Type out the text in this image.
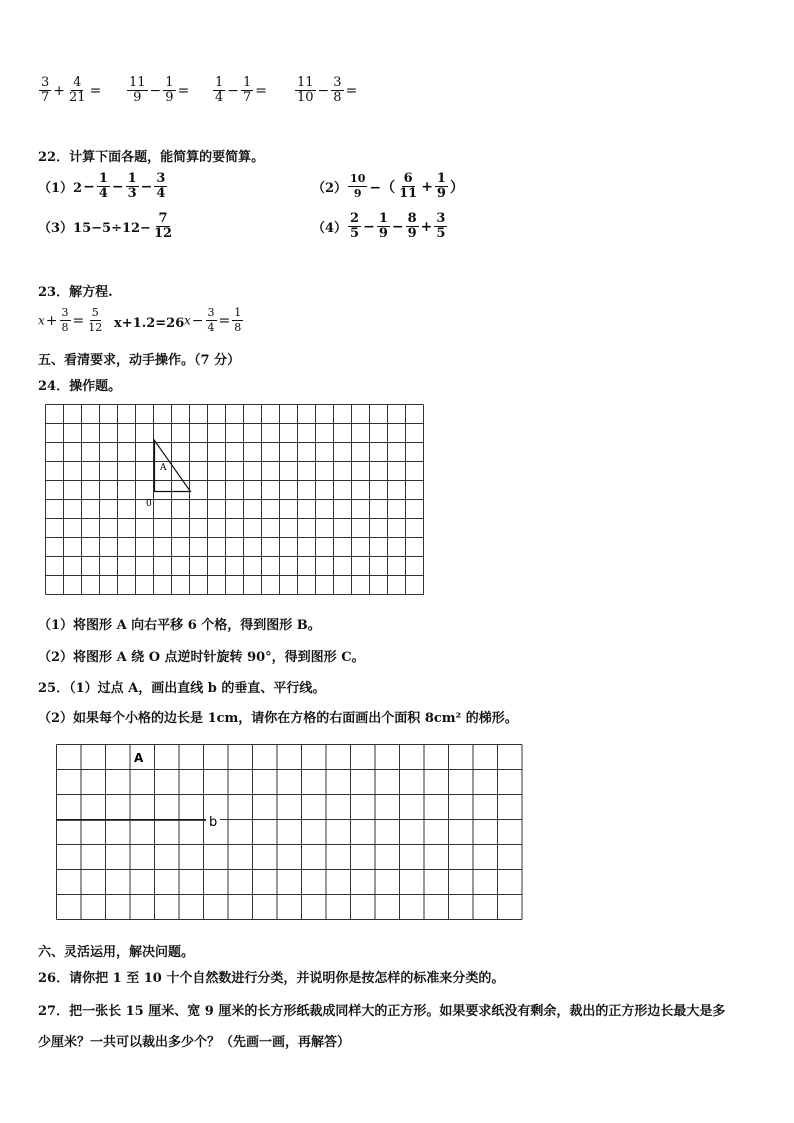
$\frac{3}{7} + \frac{4}{21} = \frac{11}{9} - \frac{1}{9} = \frac{1}{4} - \frac{1}{7} = \frac{11}{10} - \frac{3}{8}$ =
22．计算下面各题，能简算的要简算。
$(1)2- \frac{1}{4} - \frac{1}{3} - \frac{3}{4}$	$(2) \frac{10}{9}$ −（ $\frac{6}{11} + \frac{1}{9}$ ）
$(3)15-5\div 12- \frac{7}{12}$	$(4) \frac{2}{5} - \frac{1}{9} - \frac{8}{9} + \frac{3}{5}$
23．解方程.
$x+ \frac{3}{8} = \frac{5}{12} x+1.2=26$ $x- \frac{3}{4} = \frac{1}{8}$
五、看清要求，动手操作。（7 分）
24．操作题。
A
0
（1）将图形 A 向右平移 6 个格，得到图形 B。
（2）将图形 A 绕 O 点逆时针旋转 90°，得到图形 C。
25．（1）过点 A，画出直线 b 的垂直、平行线。
（2）如果每个小格的边长是 1cm，请你在方格的右面画出个面积 8cm² 的梯形。
b
A
六、灵活运用，解决问题。
26．请你把 1 至 10 十个自然数进行分类，并说明你是按怎样的标准来分类的。
27．把一张长 15 厘米、宽 9 厘米的长方形纸裁成同样大的正方形。如果要求纸没有剩余，裁出的正方形边长最大是多
少厘米？一共可以裁出多少个？（先画一画，再解答）
